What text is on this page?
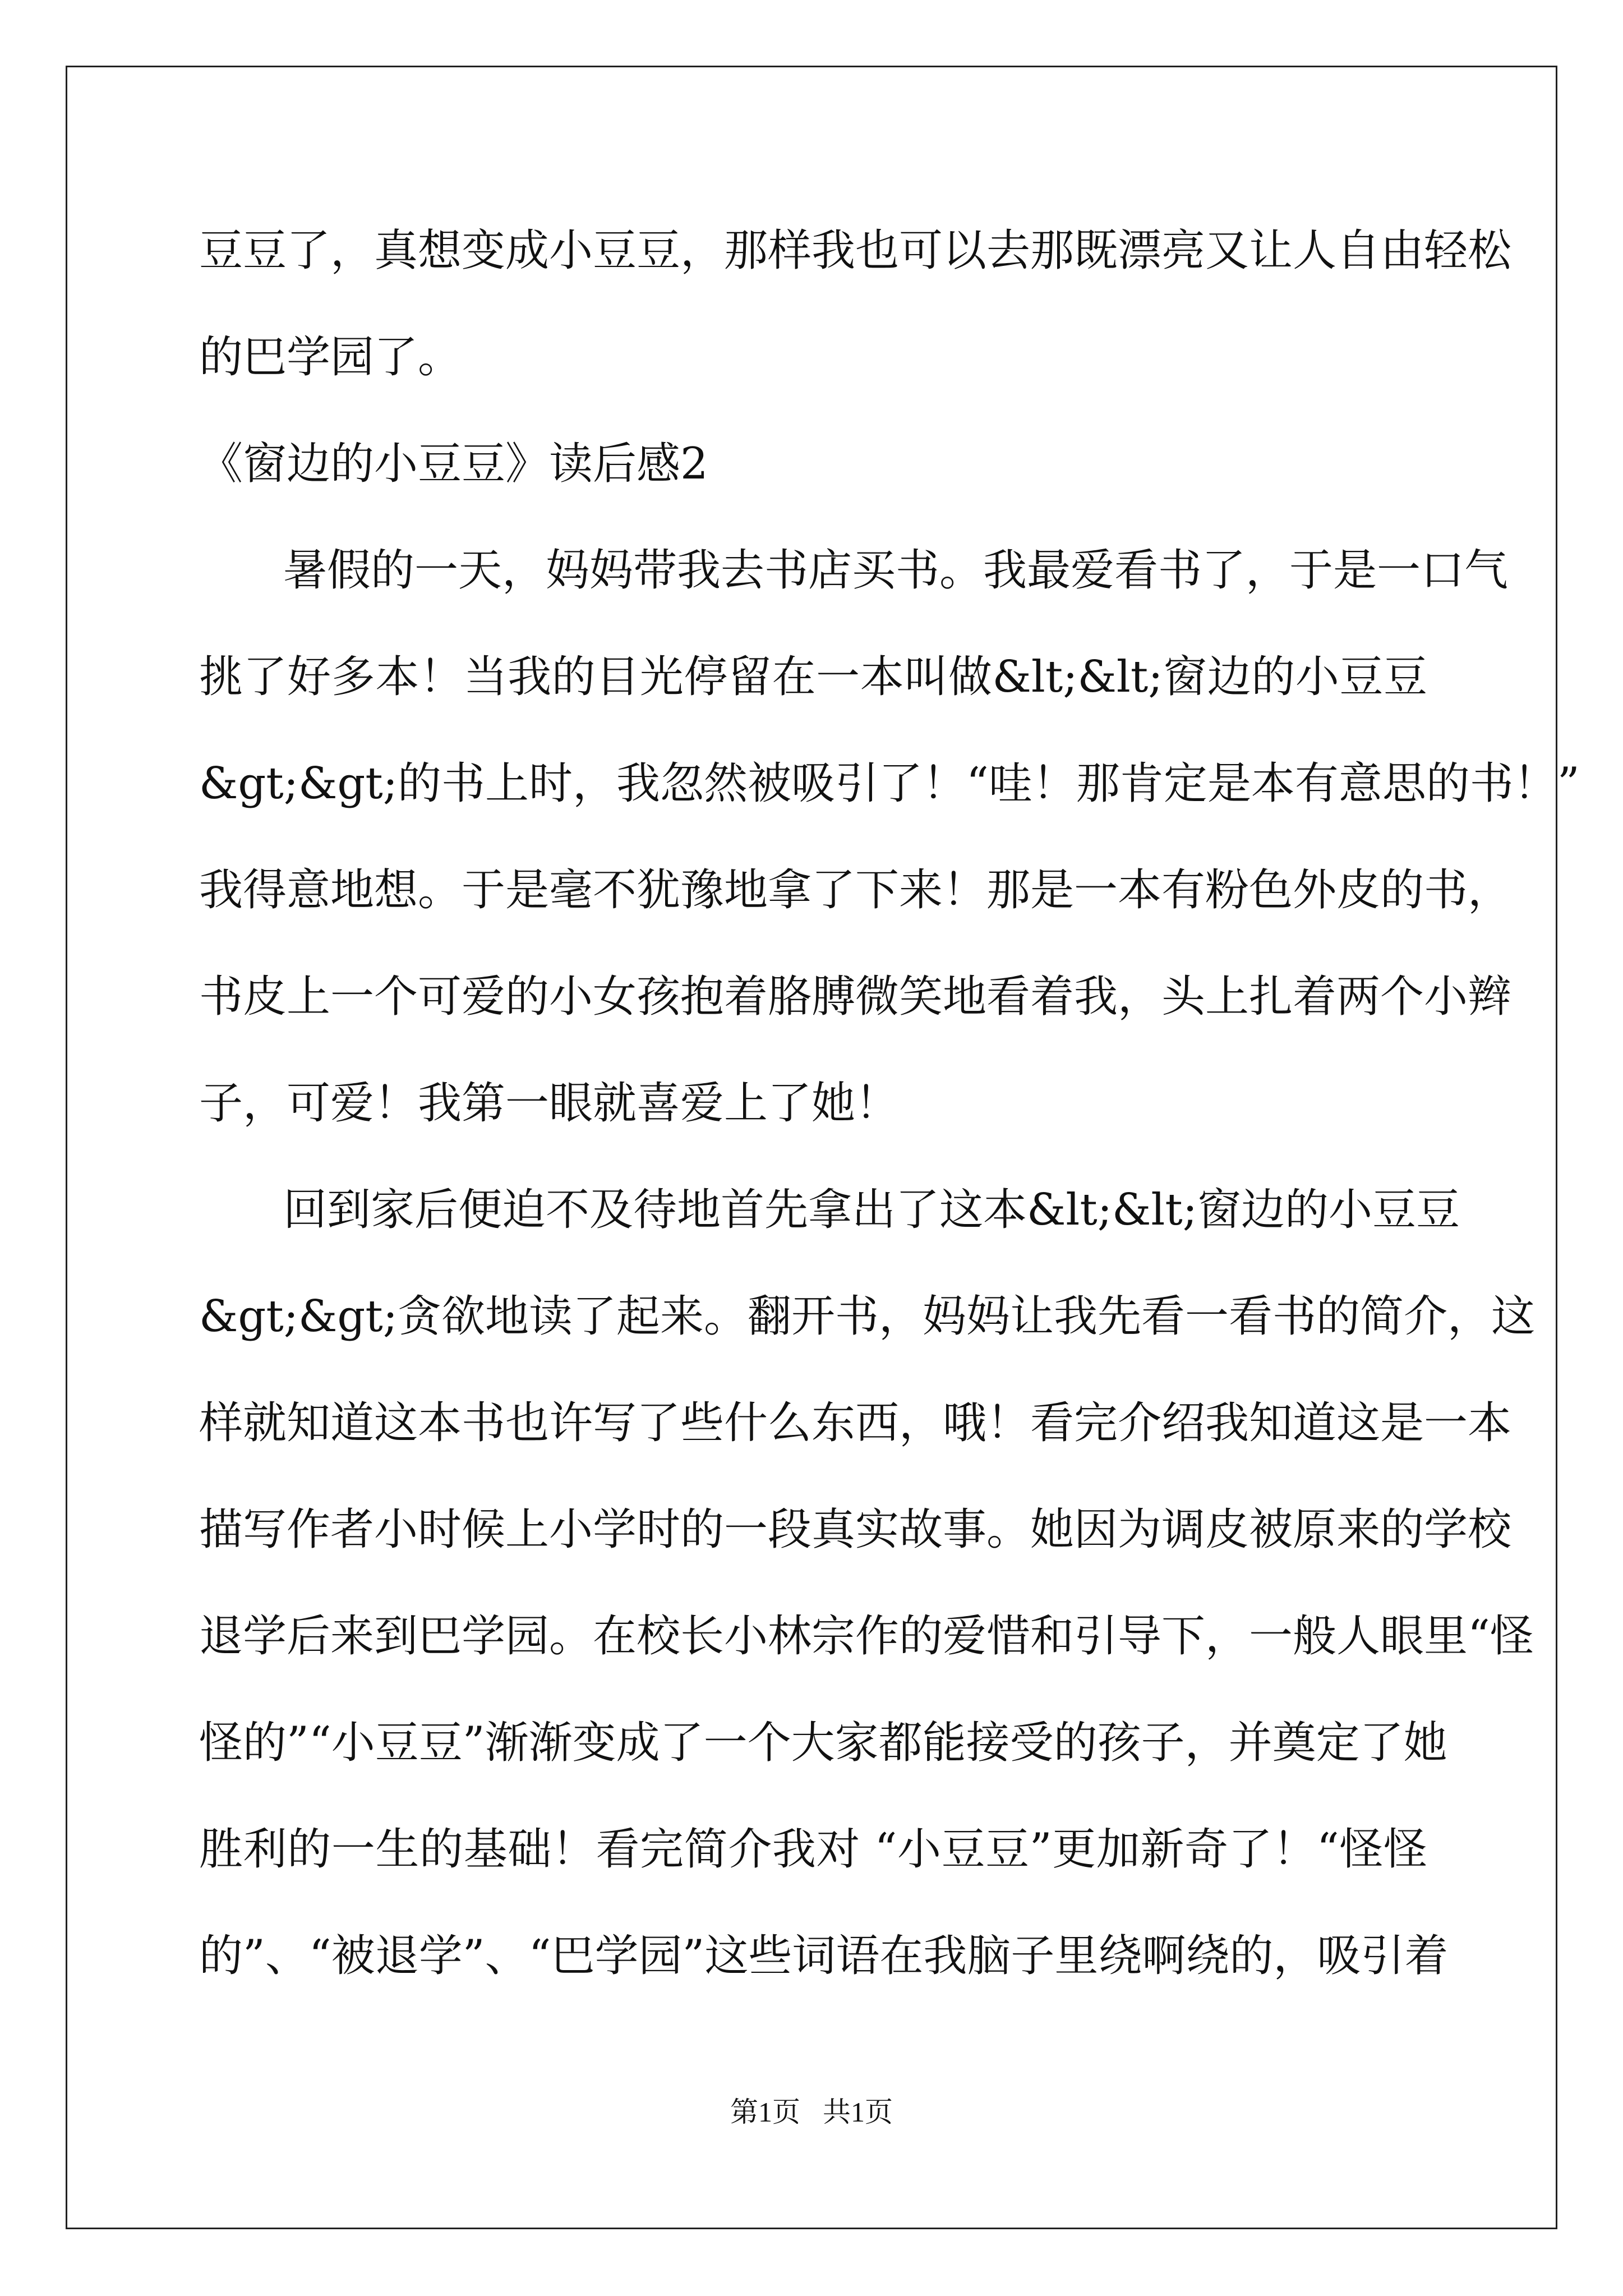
豆豆了，真想变成小豆豆，那样我也可以去那既漂亮又让人自由轻松
的巴学园了。
《窗边的小豆豆》读后感2
暑假的一天，妈妈带我去书店买书。我最爱看书了，于是一口气
挑了好多本！当我的目光停留在一本叫做&lt;&lt;窗边的小豆豆
&gt;&gt;的书上时，我忽然被吸引了！“哇！那肯定是本有意思的书！”
我得意地想。于是毫不犹豫地拿了下来！那是一本有粉色外皮的书，
书皮上一个可爱的小女孩抱着胳膊微笑地看着我，头上扎着两个小辫
子，可爱！我第一眼就喜爱上了她！
回到家后便迫不及待地首先拿出了这本&lt;&lt;窗边的小豆豆
&gt;&gt;贪欲地读了起来。翻开书，妈妈让我先看一看书的简介，这
样就知道这本书也许写了些什么东西，哦！看完介绍我知道这是一本
描写作者小时候上小学时的一段真实故事。她因为调皮被原来的学校
退学后来到巴学园。在校长小林宗作的爱惜和引导下，一般人眼里“怪
怪的”“小豆豆”渐渐变成了一个大家都能接受的孩子，并奠定了她
胜利的一生的基础！看完简介我对 “小豆豆”更加新奇了！“怪怪
的”、“被退学”、“巴学园”这些词语在我脑子里绕啊绕的，吸引着
第1页 共1页
